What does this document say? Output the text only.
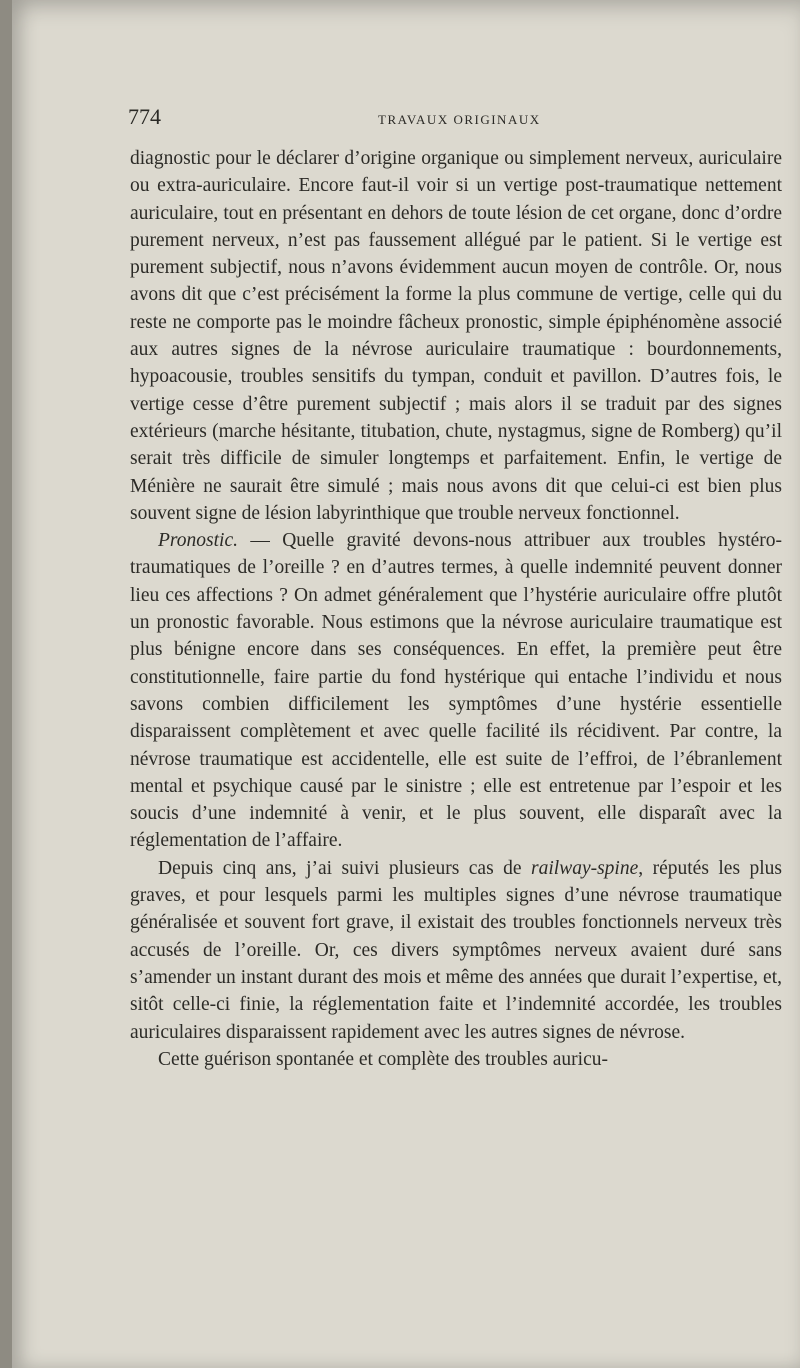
774	TRAVAUX ORIGINAUX

diagnostic pour le déclarer d’origine organique ou simplement nerveux, auriculaire ou extra-auriculaire. Encore faut-il voir si un vertige post-traumatique nettement auriculaire, tout en présentant en dehors de toute lésion de cet organe, donc d’ordre purement nerveux, n’est pas faussement allégué par le patient. Si le vertige est purement subjectif, nous n’avons évidemment aucun moyen de contrôle. Or, nous avons dit que c’est précisément la forme la plus commune de vertige, celle qui du reste ne comporte pas le moindre fâcheux pronostic, simple épiphénomène associé aux autres signes de la névrose auriculaire traumatique : bourdonnements, hypoacousie, troubles sensitifs du tympan, conduit et pavillon. D’autres fois, le vertige cesse d’être purement subjectif ; mais alors il se traduit par des signes extérieurs (marche hésitante, titubation, chute, nystagmus, signe de Romberg) qu’il serait très difficile de simuler longtemps et parfaitement. Enfin, le vertige de Ménière ne saurait être simulé ; mais nous avons dit que celui-ci est bien plus souvent signe de lésion labyrinthique que trouble nerveux fonctionnel.

Pronostic. — Quelle gravité devons-nous attribuer aux troubles hystéro-traumatiques de l’oreille ? en d’autres termes, à quelle indemnité peuvent donner lieu ces affections ? On admet généralement que l’hystérie auriculaire offre plutôt un pronostic favorable. Nous estimons que la névrose auriculaire traumatique est plus bénigne encore dans ses conséquences. En effet, la première peut être constitutionnelle, faire partie du fond hystérique qui entache l’individu et nous savons combien difficilement les symptômes d’une hystérie essentielle disparaissent complètement et avec quelle facilité ils récidivent. Par contre, la névrose traumatique est accidentelle, elle est suite de l’effroi, de l’ébranlement mental et psychique causé par le sinistre ; elle est entretenue par l’espoir et les soucis d’une indemnité à venir, et le plus souvent, elle disparaît avec la réglementation de l’affaire.

Depuis cinq ans, j’ai suivi plusieurs cas de railway-spine, réputés les plus graves, et pour lesquels parmi les multiples signes d’une névrose traumatique généralisée et souvent fort grave, il existait des troubles fonctionnels nerveux très accusés de l’oreille. Or, ces divers symptômes nerveux avaient duré sans s’amender un instant durant des mois et même des années que durait l’expertise, et, sitôt celle-ci finie, la réglementation faite et l’indemnité accordée, les troubles auriculaires disparaissent rapidement avec les autres signes de névrose.

Cette guérison spontanée et complète des troubles auricu-
